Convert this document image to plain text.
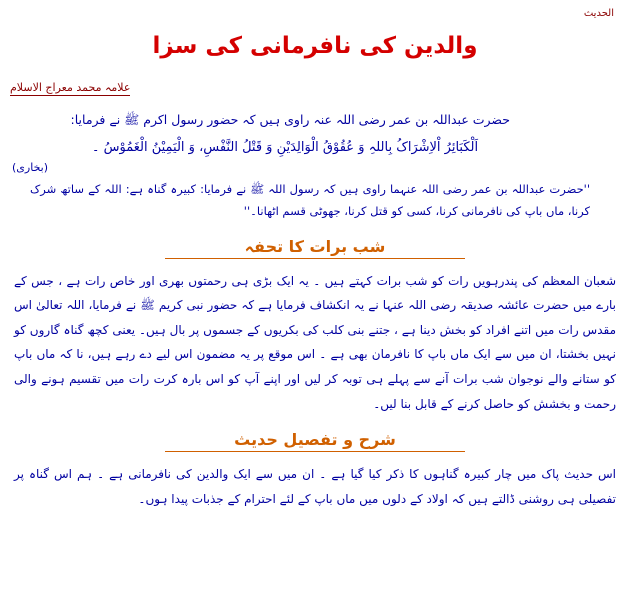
الحدیث
والدین کی نافرمانی کی سزا
علامہ محمد معراج الاسلام
حضرت عبداللہ بن عمر رضی اللہ عنہ راوی ہیں کہ حضور رسول اکرم ﷺ نے فرمایا:
اَلْکَبَائِرُ اْلاِشْرَاکُ بِاللہِ وَ عُقُوْقُ الْوَالِدَیْنِ وَ قَتْلُ النَّفْسِ، وَ الْیَمِیْنُ الْغَمُوْسُ ۔
(بخاری)
''حضرت عبداللہ بن عمر رضی اللہ عنہما راوی ہیں کہ رسول اللہ ﷺ نے فرمایا: کبیرہ گناہ ہے: اللہ کے ساتھ شرک کرنا، ماں باپ کی نافرمانی کرنا، کسی کو قتل کرنا، جھوٹی قسم اٹھانا۔''
شب برات کا تحفہ
شعبان المعظم کی پندرہویں رات کو شب برات کہتے ہیں ۔ یہ ایک بڑی ہی رحمتوں بھری اور خاص رات ہے ، جس کے بارے میں حضرت عائشہ صدیقہ رضی اللہ عنہا نے یہ انکشاف فرمایا ہے کہ حضور نبی کریم ﷺ نے فرمایا، اللہ تعالیٰ اس مقدس رات میں اتنے افراد کو بخش دینا ہے ، جتنے بنی کلب کی بکریوں کے جسموں پر بال ہیں۔ یعنی کچھ گناہ گاروں کو نہیں بخشتا، ان میں سے ایک ماں باپ کا نافرمان بھی ہے ۔ اس موقع پر یہ مضمون اس لیے دے رہے ہیں، نا کہ ماں باپ کو ستانے والے نوجوان شب برات آنے سے پہلے ہی توبہ کر لیں اور اپنے آپ کو اس بارہ کرت رات میں تقسیم ہونے والی رحمت و بخشش کو حاصل کرنے کے قابل بنا لیں۔
شرح و تفصیل حدیث
اس حدیث پاک میں چار کبیرہ گناہوں کا ذکر کیا گیا ہے ۔ ان میں سے ایک والدین کی نافرمانی ہے ۔ ہم اس گناہ پر تفصیلی ہی روشنی ڈالتے ہیں کہ اولاد کے دلوں میں ماں باپ کے لئے احترام کے جذبات پیدا ہوں۔
